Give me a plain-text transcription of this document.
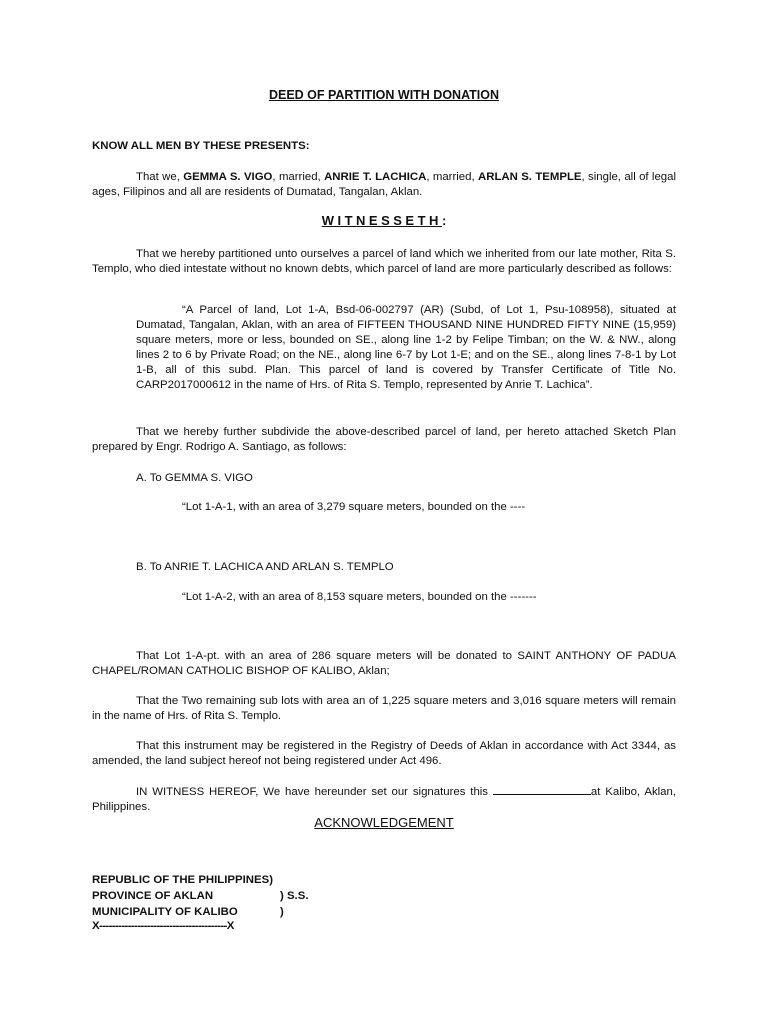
DEED OF PARTITION WITH DONATION
KNOW ALL MEN BY THESE PRESENTS:

That we, GEMMA S. VIGO, married, ANRIE T. LACHICA, married, ARLAN S. TEMPLE, single, all of legal ages, Filipinos and all are residents of Dumatad, Tangalan, Aklan.

WITNESSETH:

That we hereby partitioned unto ourselves a parcel of land which we inherited from our late mother, Rita S. Templo, who died intestate without no known debts, which parcel of land are more particularly described as follows:

“A Parcel of land, Lot 1-A, Bsd-06-002797 (AR) (Subd, of Lot 1, Psu-108958), situated at Dumatad, Tangalan, Aklan, with an area of FIFTEEN THOUSAND NINE HUNDRED FIFTY NINE (15,959) square meters, more or less, bounded on SE., along line 1-2 by Felipe Timban; on the W. & NW., along lines 2 to 6 by Private Road; on the NE., along line 6-7 by Lot 1-E; and on the SE., along lines 7-8-1 by Lot 1-B, all of this subd. Plan. This parcel of land is covered by Transfer Certificate of Title No. CARP2017000612 in the name of Hrs. of Rita S. Templo, represented by Anrie T. Lachica”.

That we hereby further subdivide the above-described parcel of land, per hereto attached Sketch Plan prepared by Engr. Rodrigo A. Santiago, as follows:

A. To GEMMA S. VIGO
“Lot 1-A-1, with an area of 3,279 square meters, bounded on the ----
B. To ANRIE T. LACHICA AND ARLAN S. TEMPLO
“Lot 1-A-2, with an area of 8,153 square meters, bounded on the -------

That Lot 1-A-pt. with an area of 286 square meters will be donated to SAINT ANTHONY OF PADUA CHAPEL/ROMAN CATHOLIC BISHOP OF KALIBO, Aklan;

That the Two remaining sub lots with area an of 1,225 square meters and 3,016 square meters will remain in the name of Hrs. of Rita S. Templo.

That this instrument may be registered in the Registry of Deeds of Aklan in accordance with Act 3344, as amended, the land subject hereof not being registered under Act 496.

IN WITNESS HEREOF, We have hereunder set our signatures this	at Kalibo, Aklan, Philippines.

ACKNOWLEDGEMENT
REPUBLIC OF THE PHILIPPINES)
PROVINCE OF AKLAN	) S.S.
MUNICIPALITY OF KALIBO	)
X----------------------------------------X
